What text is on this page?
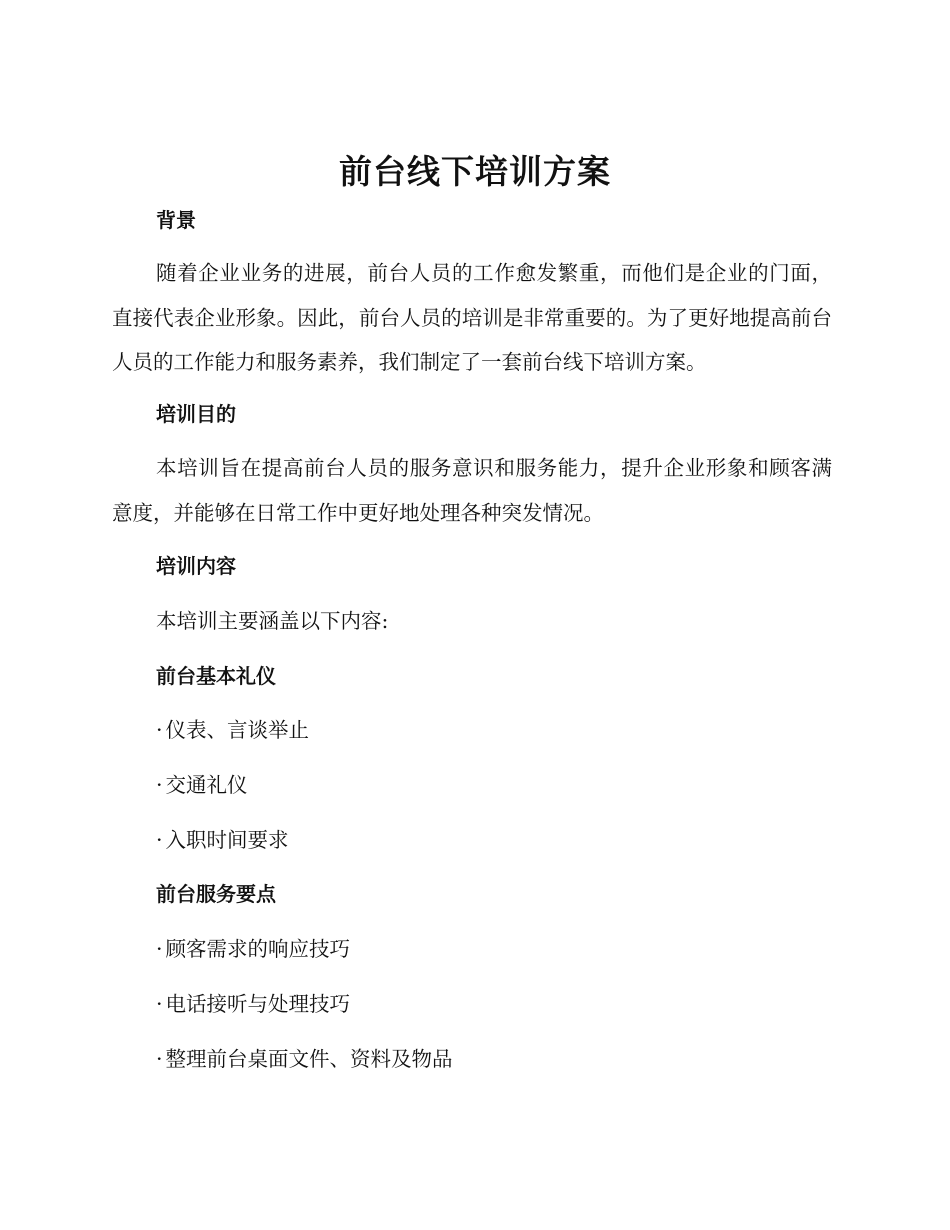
前台线下培训方案
背景

随着企业业务的进展，前台人员的工作愈发繁重，而他们是企业的门面，直接代表企业形象。因此，前台人员的培训是非常重要的。为了更好地提高前台人员的工作能力和服务素养，我们制定了一套前台线下培训方案。

培训目的

本培训旨在提高前台人员的服务意识和服务能力，提升企业形象和顾客满意度，并能够在日常工作中更好地处理各种突发情况。

培训内容

本培训主要涵盖以下内容:

前台基本礼仪

· 仪表、言谈举止

· 交通礼仪

· 入职时间要求

前台服务要点

· 顾客需求的响应技巧

· 电话接听与处理技巧

· 整理前台桌面文件、资料及物品
